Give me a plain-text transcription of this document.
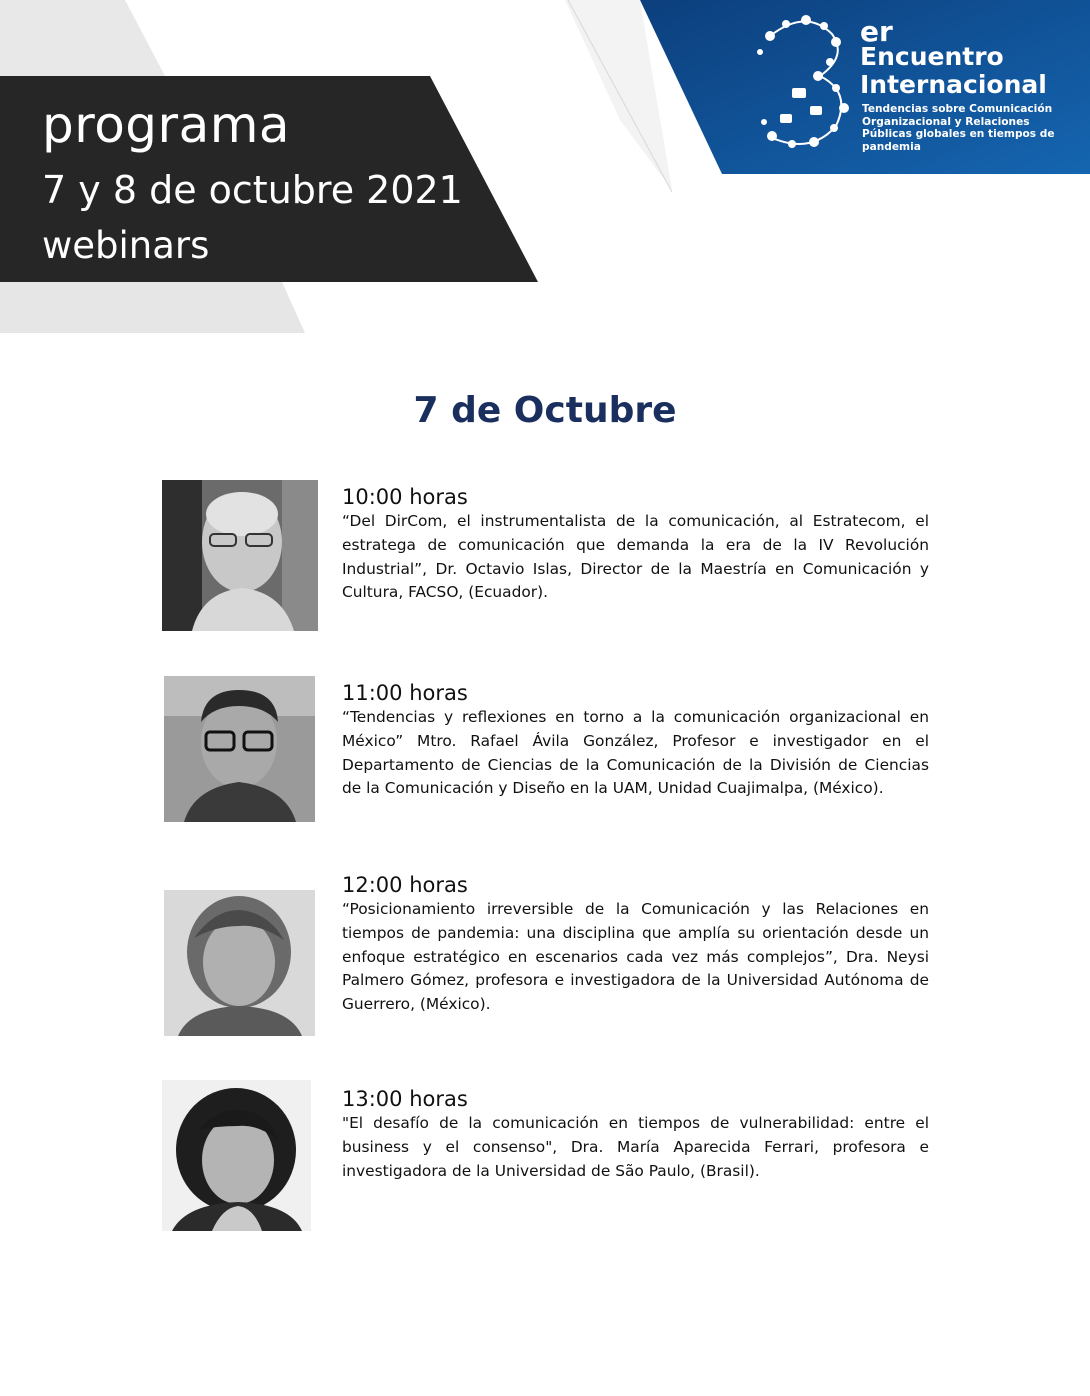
programa
7 y 8 de octubre 2021
webinars
er
Encuentro
Internacional
Tendencias sobre Comunicación Organizacional y Relaciones Públicas globales en tiempos de pandemia
7 de Octubre
10:00 horas
“Del DirCom, el instrumentalista de la comunicación, al Estratecom, el estratega de comunicación que demanda la era de la IV Revolución Industrial”, Dr. Octavio Islas, Director de la Maestría en Comunicación y Cultura, FACSO, (Ecuador).
11:00 horas
“Tendencias y reflexiones en torno a la comunicación organizacional en México” Mtro. Rafael Ávila González, Profesor e investigador en el Departamento de Ciencias de la Comunicación de la División de Ciencias de la Comunicación y Diseño en la UAM, Unidad Cuajimalpa, (México).
12:00 horas
“Posicionamiento irreversible de la Comunicación y las Relaciones en tiempos de pandemia: una disciplina que amplía su orientación desde un enfoque estratégico en escenarios cada vez más complejos”, Dra. Neysi Palmero Gómez, profesora e investigadora de la Universidad Autónoma de Guerrero, (México).
13:00 horas
"El desafío de la comunicación en tiempos de vulnerabilidad: entre el business y el consenso", Dra. María Aparecida Ferrari, profesora e investigadora de la Universidad de São Paulo, (Brasil).
